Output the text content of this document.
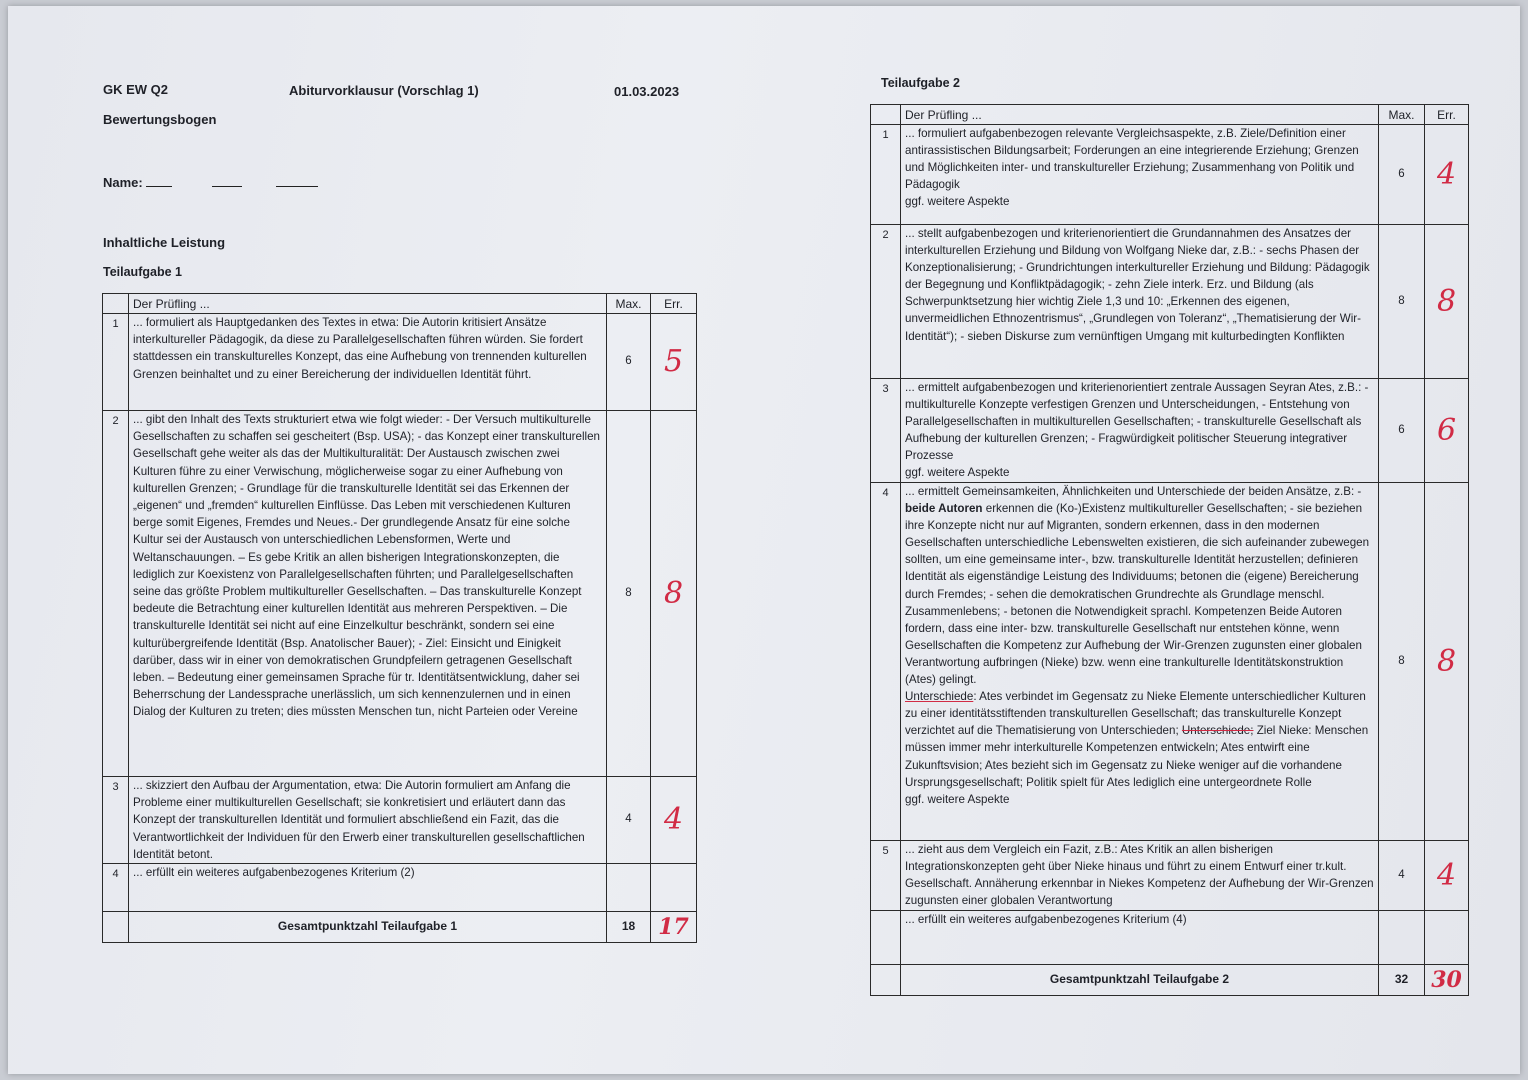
GK EW Q2	Abiturvorklausur (Vorschlag 1)	01.03.2023
Bewertungsbogen
Name:
Inhaltliche Leistung
Teilaufgabe 1
	Der Prüfling ...	Max.	Err.
1	... formuliert als Hauptgedanken des Textes in etwa: Die Autorin kritisiert Ansätze interkultureller Pädagogik, da diese zu Parallelgesellschaften führen würden. Sie fordert stattdessen ein transkulturelles Konzept, das eine Aufhebung von trennenden kulturellen Grenzen beinhaltet und zu einer Bereicherung der individuellen Identität führt.	6	5
2	... gibt den Inhalt des Texts strukturiert etwa wie folgt wieder: - Der Versuch multikulturelle Gesellschaften zu schaffen sei gescheitert (Bsp. USA); - das Konzept einer transkulturellen Gesellschaft gehe weiter als das der Multikulturalität: Der Austausch zwischen zwei Kulturen führe zu einer Verwischung, möglicherweise sogar zu einer Aufhebung von kulturellen Grenzen; - Grundlage für die transkulturelle Identität sei das Erkennen der „eigenen“ und „fremden“ kulturellen Einflüsse. Das Leben mit verschiedenen Kulturen berge somit Eigenes, Fremdes und Neues.- Der grundlegende Ansatz für eine solche Kultur sei der Austausch von unterschiedlichen Lebensformen, Werte und Weltanschauungen. – Es gebe Kritik an allen bisherigen Integrationskonzepten, die lediglich zur Koexistenz von Parallelgesellschaften führten; und Parallelgesellschaften seine das größte Problem multikultureller Gesellschaften. – Das transkulturelle Konzept bedeute die Betrachtung einer kulturellen Identität aus mehreren Perspektiven. – Die transkulturelle Identität sei nicht auf eine Einzelkultur beschränkt, sondern sei eine kulturübergreifende Identität (Bsp. Anatolischer Bauer); - Ziel: Einsicht und Einigkeit darüber, dass wir in einer von demokratischen Grundpfeilern getragenen Gesellschaft leben. – Bedeutung einer gemeinsamen Sprache für tr. Identitätsentwicklung, daher sei Beherrschung der Landessprache unerlässlich, um sich kennenzulernen und in einen Dialog der Kulturen zu treten; dies müssten Menschen tun, nicht Parteien oder Vereine	8	8
3	... skizziert den Aufbau der Argumentation, etwa: Die Autorin formuliert am Anfang die Probleme einer multikulturellen Gesellschaft; sie konkretisiert und erläutert dann das Konzept der transkulturellen Identität und formuliert abschließend ein Fazit, das die Verantwortlichkeit der Individuen für den Erwerb einer transkulturellen gesellschaftlichen Identität betont.	4	4
4	... erfüllt ein weiteres aufgabenbezogenes Kriterium (2)		
	Gesamtpunktzahl Teilaufgabe 1	18	17
Teilaufgabe 2
	Der Prüfling ...	Max.	Err.
1	... formuliert aufgabenbezogen relevante Vergleichsaspekte, z.B. Ziele/Definition einer antirassistischen Bildungsarbeit; Forderungen an eine integrierende Erziehung; Grenzen und Möglichkeiten inter- und transkultureller Erziehung; Zusammenhang von Politik und Pädagogik
ggf. weitere Aspekte	6	4
2	... stellt aufgabenbezogen und kriterienorientiert die Grundannahmen des Ansatzes der interkulturellen Erziehung und Bildung von Wolfgang Nieke dar, z.B.: - sechs Phasen der Konzeptionalisierung; - Grundrichtungen interkultureller Erziehung und Bildung: Pädagogik der Begegnung und Konfliktpädagogik; - zehn Ziele interk. Erz. und Bildung (als Schwerpunktsetzung hier wichtig Ziele 1,3 und 10: „Erkennen des eigenen, unvermeidlichen Ethnozentrismus“, „Grundlegen von Toleranz“, „Thematisierung der Wir-Identität“); - sieben Diskurse zum vernünftigen Umgang mit kulturbedingten Konflikten	8	8
3	... ermittelt aufgabenbezogen und kriterienorientiert zentrale Aussagen Seyran Ates, z.B.: - multikulturelle Konzepte verfestigen Grenzen und Unterscheidungen, - Entstehung von Parallelgesellschaften in multikulturellen Gesellschaften; - transkulturelle Gesellschaft als Aufhebung der kulturellen Grenzen; - Fragwürdigkeit politischer Steuerung integrativer Prozesse
ggf. weitere Aspekte	6	6
4	... ermittelt Gemeinsamkeiten, Ähnlichkeiten und Unterschiede der beiden Ansätze, z.B: - beide Autoren erkennen die (Ko-)Existenz multikultureller Gesellschaften; - sie beziehen ihre Konzepte nicht nur auf Migranten, sondern erkennen, dass in den modernen Gesellschaften unterschiedliche Lebenswelten existieren, die sich aufeinander zubewegen sollten, um eine gemeinsame inter-, bzw. transkulturelle Identität herzustellen; definieren Identität als eigenständige Leistung des Individuums; betonen die (eigene) Bereicherung durch Fremdes; - sehen die demokratischen Grundrechte als Grundlage menschl. Zusammenlebens; - betonen die Notwendigkeit sprachl. Kompetenzen Beide Autoren fordern, dass eine inter- bzw. transkulturelle Gesellschaft nur entstehen könne, wenn Gesellschaften die Kompetenz zur Aufhebung der Wir-Grenzen zugunsten einer globalen Verantwortung aufbringen (Nieke) bzw. wenn eine trankulturelle Identitätskonstruktion (Ates) gelingt.
Unterschiede: Ates verbindet im Gegensatz zu Nieke Elemente unterschiedlicher Kulturen zu einer identitätsstiftenden transkulturellen Gesellschaft; das transkulturelle Konzept verzichtet auf die Thematisierung von Unterschieden; Unterschiede; Ziel Nieke: Menschen müssen immer mehr interkulturelle Kompetenzen entwickeln; Ates entwirft eine Zukunftsvision; Ates bezieht sich im Gegensatz zu Nieke weniger auf die vorhandene Ursprungsgesellschaft; Politik spielt für Ates lediglich eine untergeordnete Rolle
ggf. weitere Aspekte	8	8
5	... zieht aus dem Vergleich ein Fazit, z.B.: Ates Kritik an allen bisherigen Integrationskonzepten geht über Nieke hinaus und führt zu einem Entwurf einer tr.kult. Gesellschaft. Annäherung erkennbar in Niekes Kompetenz der Aufhebung der Wir-Grenzen zugunsten einer globalen Verantwortung	4	4
	... erfüllt ein weiteres aufgabenbezogenes Kriterium (4)		
	Gesamtpunktzahl Teilaufgabe 2	32	30
